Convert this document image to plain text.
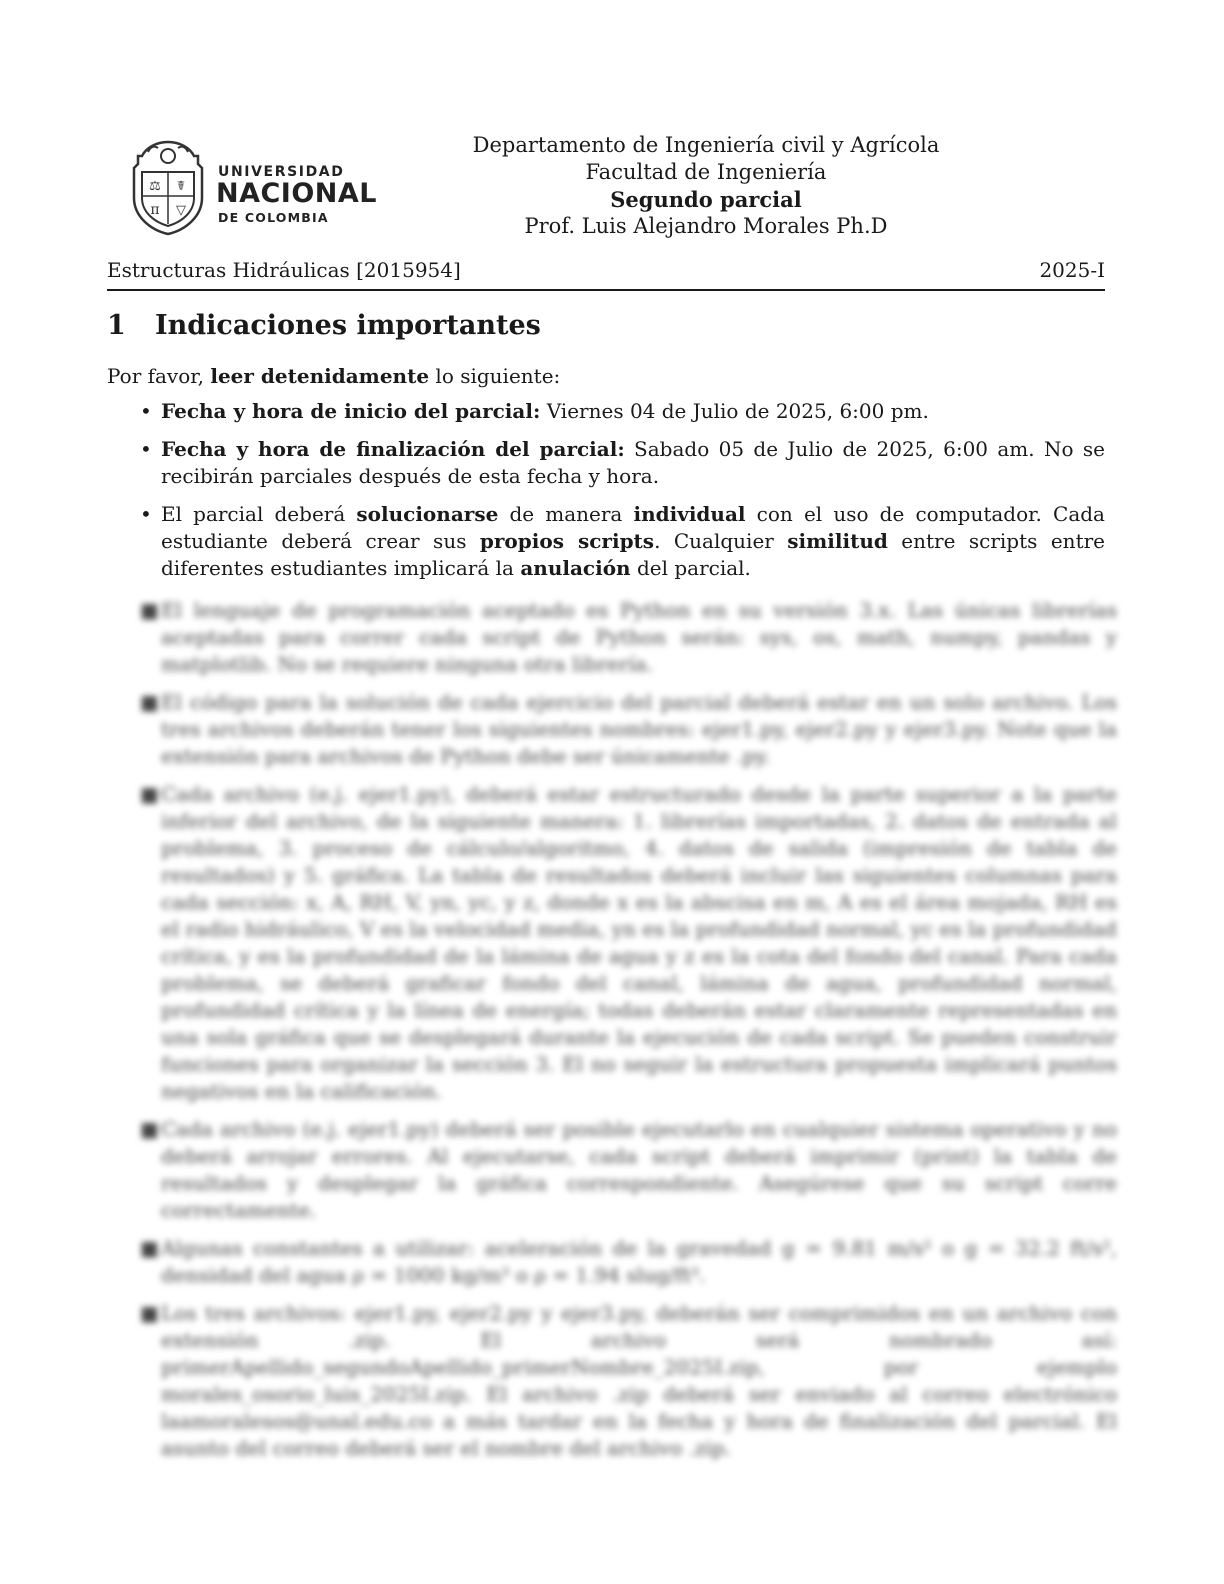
⚖ ☤
π ▽
UNIVERSIDAD
NACIONAL
DE COLOMBIA
Departamento de Ingeniería civil y Agrícola
Facultad de Ingeniería
Segundo parcial
Prof. Luis Alejandro Morales Ph.D
Estructuras Hidráulicas [2015954]	2025-I
1 Indicaciones importantes
Por favor, leer detenidamente lo siguiente:
• Fecha y hora de inicio del parcial: Viernes 04 de Julio de 2025, 6:00 pm.
• Fecha y hora de finalización del parcial: Sabado 05 de Julio de 2025, 6:00 am. No se recibirán parciales después de esta fecha y hora.
• El parcial deberá solucionarse de manera individual con el uso de computador. Cada estudiante deberá crear sus propios scripts. Cualquier similitud entre scripts entre diferentes estudiantes implicará la anulación del parcial.
■ El lenguaje de programación aceptado es Python en su versión 3.x. Las únicas librerías aceptadas para correr cada script de Python serán: sys, os, math, numpy, pandas y matplotlib. No se requiere ninguna otra librería.
■ El código para la solución de cada ejercicio del parcial deberá estar en un solo archivo. Los tres archivos deberán tener los siguientes nombres: ejer1.py, ejer2.py y ejer3.py. Note que la extensión para archivos de Python debe ser únicamente .py.
■ Cada archivo (e.j. ejer1.py), deberá estar estructurado desde la parte superior a la parte inferior del archivo, de la siguiente manera: 1. librerías importadas, 2. datos de entrada al problema, 3. proceso de cálculo/algoritmo, 4. datos de salida (impresión de tabla de resultados) y 5. gráfica. La tabla de resultados deberá incluir las siguientes columnas para cada sección: x, A, RH, V, yn, yc, y z, donde x es la abscisa en m, A es el área mojada, RH es el radio hidráulico, V es la velocidad media, yn es la profundidad normal, yc es la profundidad crítica, y es la profundidad de la lámina de agua y z es la cota del fondo del canal. Para cada problema, se deberá graficar fondo del canal, lámina de agua, profundidad normal, profundidad crítica y la línea de energía; todas deberán estar claramente representadas en una sola gráfica que se desplegará durante la ejecución de cada script. Se pueden construir funciones para organizar la sección 3. El no seguir la estructura propuesta implicará puntos negativos en la calificación.
■ Cada archivo (e.j. ejer1.py) deberá ser posible ejecutarlo en cualquier sistema operativo y no deberá arrojar errores. Al ejecutarse, cada script deberá imprimir (print) la tabla de resultados y desplegar la gráfica correspondiente. Asegúrese que su script corre correctamente.
■ Algunas constantes a utilizar: aceleración de la gravedad g = 9.81 m/s² o g = 32.2 ft/s², densidad del agua ρ = 1000 kg/m³ o ρ = 1.94 slug/ft³.
■ Los tres archivos: ejer1.py, ejer2.py y ejer3.py, deberán ser comprimidos en un archivo con extensión .zip. El archivo será nombrado así: primerApellido_segundoApellido_primerNombre_2025I.zip, por ejemplo morales_osorio_luis_2025I.zip. El archivo .zip deberá ser enviado al correo electrónico laamoralesos@unal.edu.co a más tardar en la fecha y hora de finalización del parcial. El asunto del correo deberá ser el nombre del archivo .zip.
